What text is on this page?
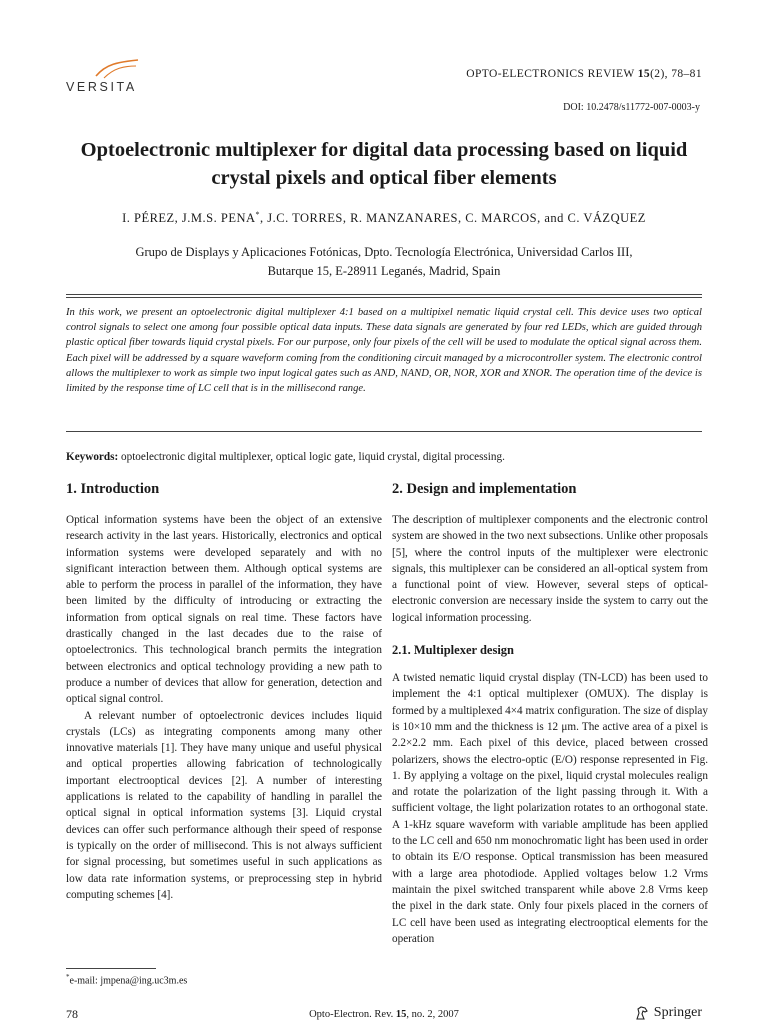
VERSITA
OPTO-ELECTRONICS REVIEW 15(2), 78–81
DOI: 10.2478/s11772-007-0003-y
Optoelectronic multiplexer for digital data processing based on liquid crystal pixels and optical fiber elements
I. PÉREZ, J.M.S. PENA*, J.C. TORRES, R. MANZANARES, C. MARCOS, and C. VÁZQUEZ
Grupo de Displays y Aplicaciones Fotónicas, Dpto. Tecnología Electrónica, Universidad Carlos III,
Butarque 15, E-28911 Leganés, Madrid, Spain
In this work, we present an optoelectronic digital multiplexer 4:1 based on a multipixel nematic liquid crystal cell. This device uses two optical control signals to select one among four possible optical data inputs. These data signals are generated by four red LEDs, which are guided through plastic optical fiber towards liquid crystal pixels. For our purpose, only four pixels of the cell will be used to modulate the optical signal across them. Each pixel will be addressed by a square waveform coming from the conditioning circuit managed by a microcontroller system. The electronic control allows the multiplexer to work as simple two input logical gates such as AND, NAND, OR, NOR, XOR and XNOR. The operation time of the device is limited by the response time of LC cell that is in the millisecond range.
Keywords: optoelectronic digital multiplexer, optical logic gate, liquid crystal, digital processing.
1. Introduction

Optical information systems have been the object of an extensive research activity in the last years. Historically, electronics and optical information systems were developed separately and with no significant interaction between them. Although optical systems are able to perform the process in parallel of the information, they have been limited by the difficulty of introducing or extracting the information from optical signals on real time. These factors have drastically changed in the last decades due to the raise of optoelectronics. This technological branch permits the integration between electronics and optical technology providing a new path to produce a number of devices that allow for generation, detection and optical signal control.

A relevant number of optoelectronic devices includes liquid crystals (LCs) as integrating components among many other innovative materials [1]. They have many unique and useful physical and optical properties allowing fabrication of technologically important electrooptical devices [2]. A number of interesting applications is related to the capability of handling in parallel the optical signal in optical information systems [3]. Liquid crystal devices can offer such performance although their speed of response is typically on the order of millisecond. This is not always sufficient for signal processing, but sometimes useful in such applications as low data rate information systems, or preprocessing step in hybrid computing schemes [4].

2. Design and implementation

The description of multiplexer components and the electronic control system are showed in the two next subsections. Unlike other proposals [5], where the control inputs of the multiplexer were electronic signals, this multiplexer can be considered an all-optical system from a functional point of view. However, several steps of optical-electronic conversion are necessary inside the system to carry out the logical information processing.

2.1. Multiplexer design

A twisted nematic liquid crystal display (TN-LCD) has been used to implement the 4:1 optical multiplexer (OMUX). The display is formed by a multiplexed 4×4 matrix configuration. The size of display is 10×10 mm and the thickness is 12 μm. The active area of a pixel is 2.2×2.2 mm. Each pixel of this device, placed between crossed polarizers, shows the electro-optic (E/O) response represented in Fig. 1. By applying a voltage on the pixel, liquid crystal molecules realign and rotate the polarization of the light passing through it. With a sufficient voltage, the light polarization rotates to an orthogonal state. A 1-kHz square waveform with variable amplitude has been applied to the LC cell and 650 nm monochromatic light has been used in order to obtain its E/O response. Optical transmission has been measured with a large area photodiode. Applied voltages below 1.2 Vrms maintain the pixel switched transparent while above 2.8 Vrms keep the pixel in the dark state. Only four pixels placed in the corners of LC cell have been used as integrating electrooptical elements for the operation

*e-mail: jmpena@ing.uc3m.es
78	Opto-Electron. Rev. 15, no. 2, 2007	Springer
